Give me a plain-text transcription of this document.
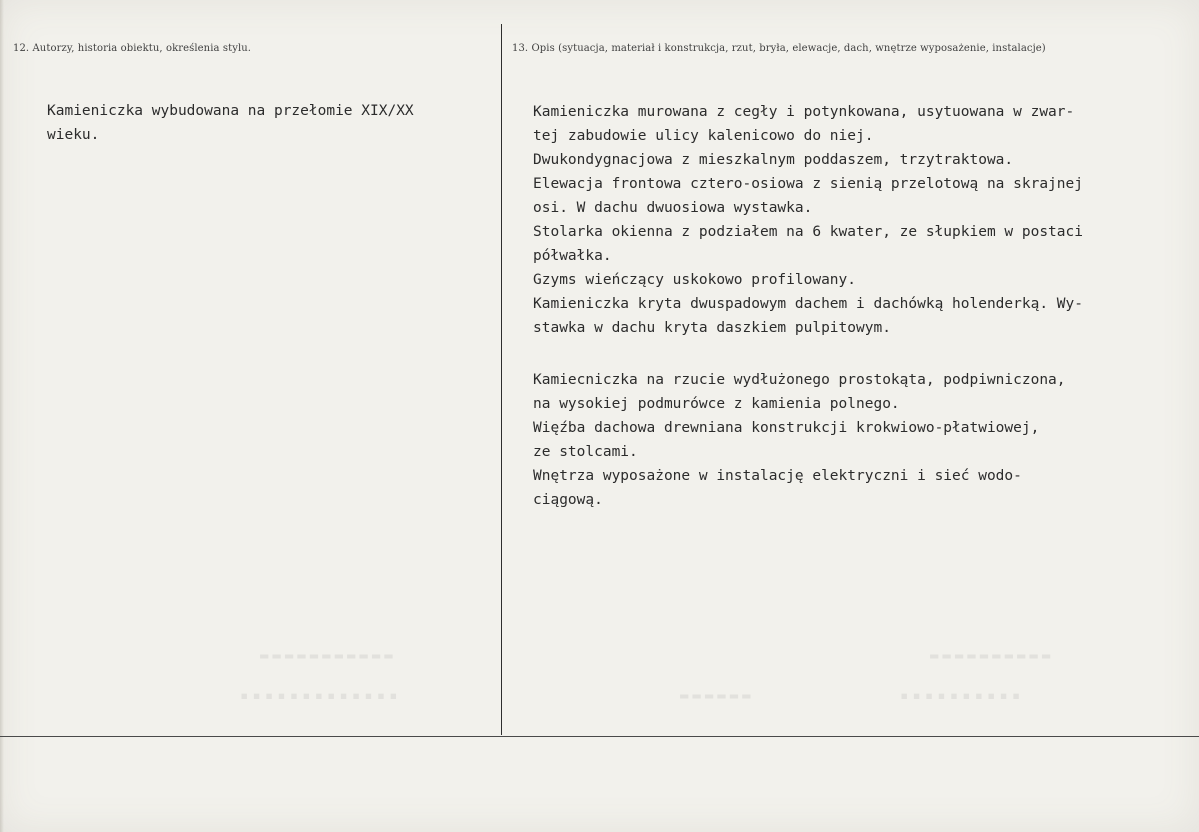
12. Autorzy, historia obiektu, określenia stylu.	13. Opis (sytuacja, materiał i konstrukcja, rzut, bryła, elewacje, dach, wnętrze wyposażenie, instalacje)
Kamieniczka wybudowana na przełomie XIX/XX
wieku.
Kamieniczka murowana z cegły i potynkowana, usytuowana w zwar-
tej zabudowie ulicy kalenicowo do niej.
Dwukondygnacjowa z mieszkalnym poddaszem, trzytraktowa.
Elewacja frontowa cztero-osiowa z sienią przelotową na skrajnej
osi. W dachu dwuosiowa wystawka.
Stolarka okienna z podziałem na 6 kwater, ze słupkiem w postaci
półwałka.
Gzyms wieńczący uskokowo profilowany.
Kamieniczka kryta dwuspadowym dachem i dachówką holenderką. Wy-
stawka w dachu kryta daszkiem pulpitowym.
Kamiecniczka na rzucie wydłużonego prostokąta, podpiwniczona,
na wysokiej podmurówce z kamienia polnego.
Więźba dachowa drewniana konstrukcji krokwiowo-płatwiowej,
ze stolcami.
Wnętrza wyposażone w instalację elektryczni i sieć wodo-
ciągową.
▬▬▬▬▬▬▬▬▬▬▬
▪▪▪▪▪▪▪▪▪▪▪▪▪
▬▬▬▬▬▬▬▬▬▬
▪▪▪▪▪▪▪▪▪▪
▬▬▬▬▬▬
